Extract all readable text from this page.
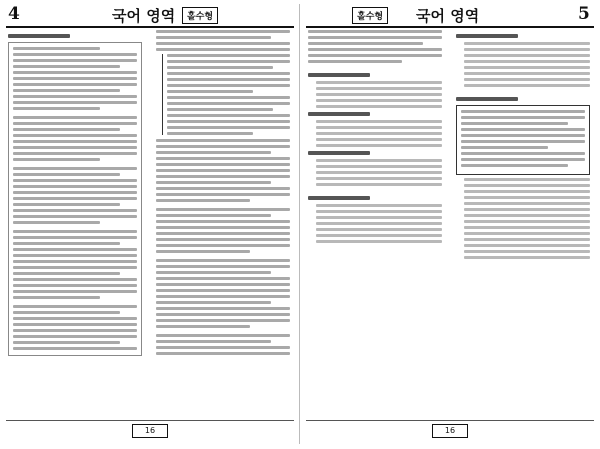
4	국어 영역	홀수형
16
홀수형	국어 영역	5
16
